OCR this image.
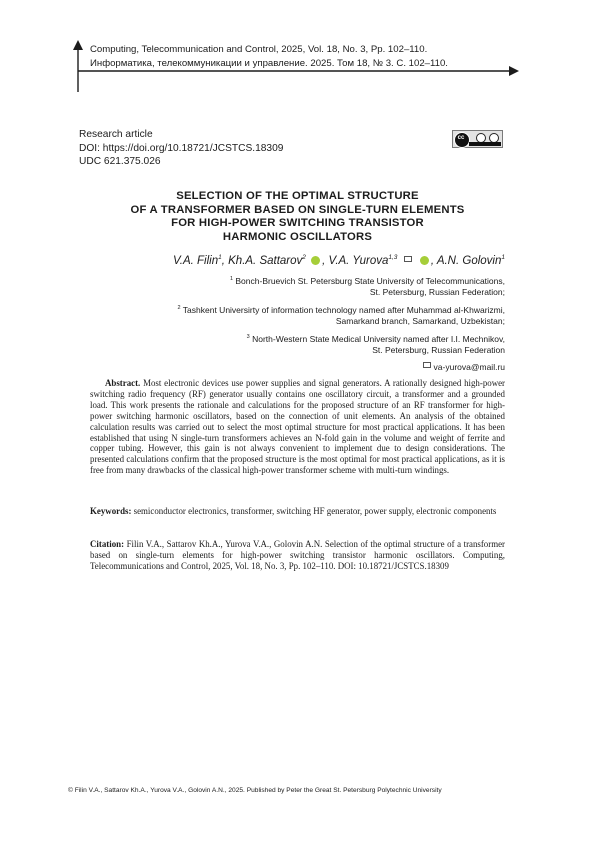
Computing, Telecommunication and Control, 2025, Vol. 18, No. 3, Pp. 102–110.
Информатика, телекоммуникации и управление. 2025. Том 18, № 3. С. 102–110.
Research article
DOI: https://doi.org/10.18721/JCSTCS.18309
UDC 621.375.026
cc
SELECTION OF THE OPTIMAL STRUCTURE
OF A TRANSFORMER BASED ON SINGLE-TURN ELEMENTS
FOR HIGH-POWER SWITCHING TRANSISTOR
HARMONIC OSCILLATORS
V.A. Filin$^1$, Kh.A. Sattarov$^2$ , V.A. Yurova$^{1,3}$	, A.N. Golovin$^1$
$^1$ Bonch-Bruevich St. Petersburg State University of Telecommunications,
St. Petersburg, Russian Federation;
$^2$ Tashkent Universirty of information technology named after Muhammad al-Khwarizmi,
Samarkand branch, Samarkand, Uzbekistan;
$^3$ North-Western State Medical University named after I.I. Mechnikov,
St. Petersburg, Russian Federation
va-yurova@mail.ru
Abstract. Most electronic devices use power supplies and signal generators. A rationally designed high-power switching radio frequency (RF) generator usually contains one oscillatory circuit, a transformer and a grounded load. This work presents the rationale and calculations for the proposed structure of an RF transformer for high-power switching harmonic oscillators, based on the connection of unit elements. An analysis of the obtained calculation results was carried out to select the most optimal structure for most practical applications. It has been established that using N single-turn transformers achieves an N-fold gain in the volume and weight of ferrite and copper tubing. However, this gain is not always convenient to implement due to design considerations. The presented calculations confirm that the proposed structure is the most optimal for most practical applications, as it is free from many drawbacks of the classical high-power transformer scheme with multi-turn windings.
Keywords: semiconductor electronics, transformer, switching HF generator, power supply, electronic components
Citation: Filin V.A., Sattarov Kh.A., Yurova V.A., Golovin A.N. Selection of the optimal structure of a transformer based on single-turn elements for high-power switching transistor harmonic oscillators. Computing, Telecommunications and Control, 2025, Vol. 18, No. 3, Pp. 102–110. DOI: 10.18721/JCSTCS.18309
© Filin V.A., Sattarov Kh.A., Yurova V.A., Golovin A.N., 2025. Published by Peter the Great St. Petersburg Polytechnic University
